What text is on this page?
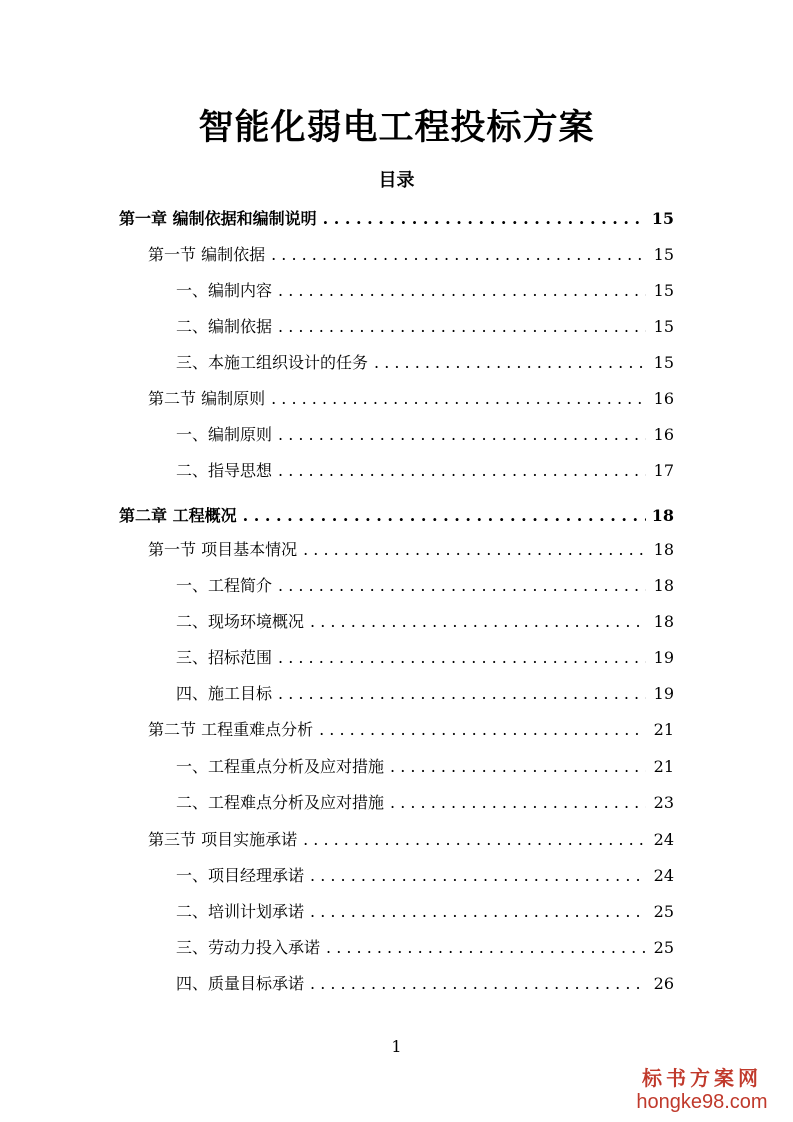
智能化弱电工程投标方案
目录
第一章 编制依据和编制说明 . . .	15
第一节 编制依据 . . .	15
一、编制内容 . . .	15
二、编制依据 . . .	15
三、本施工组织设计的任务 . . .	15
第二节 编制原则 . . .	16
一、编制原则 . . .	16
二、指导思想 . . .	17
第二章 工程概况 . . .	18
第一节 项目基本情况 . . .	18
一、工程简介 . . .	18
二、现场环境概况 . . .	18
三、招标范围 . . .	19
四、施工目标 . . .	19
第二节 工程重难点分析 . . .	21
一、工程重点分析及应对措施 . . .	21
二、工程难点分析及应对措施 . . .	23
第三节 项目实施承诺 . . .	24
一、项目经理承诺 . . .	24
二、培训计划承诺 . . .	25
三、劳动力投入承诺 . . .	25
四、质量目标承诺 . . .	26
1
标书方案网
hongke98.com
